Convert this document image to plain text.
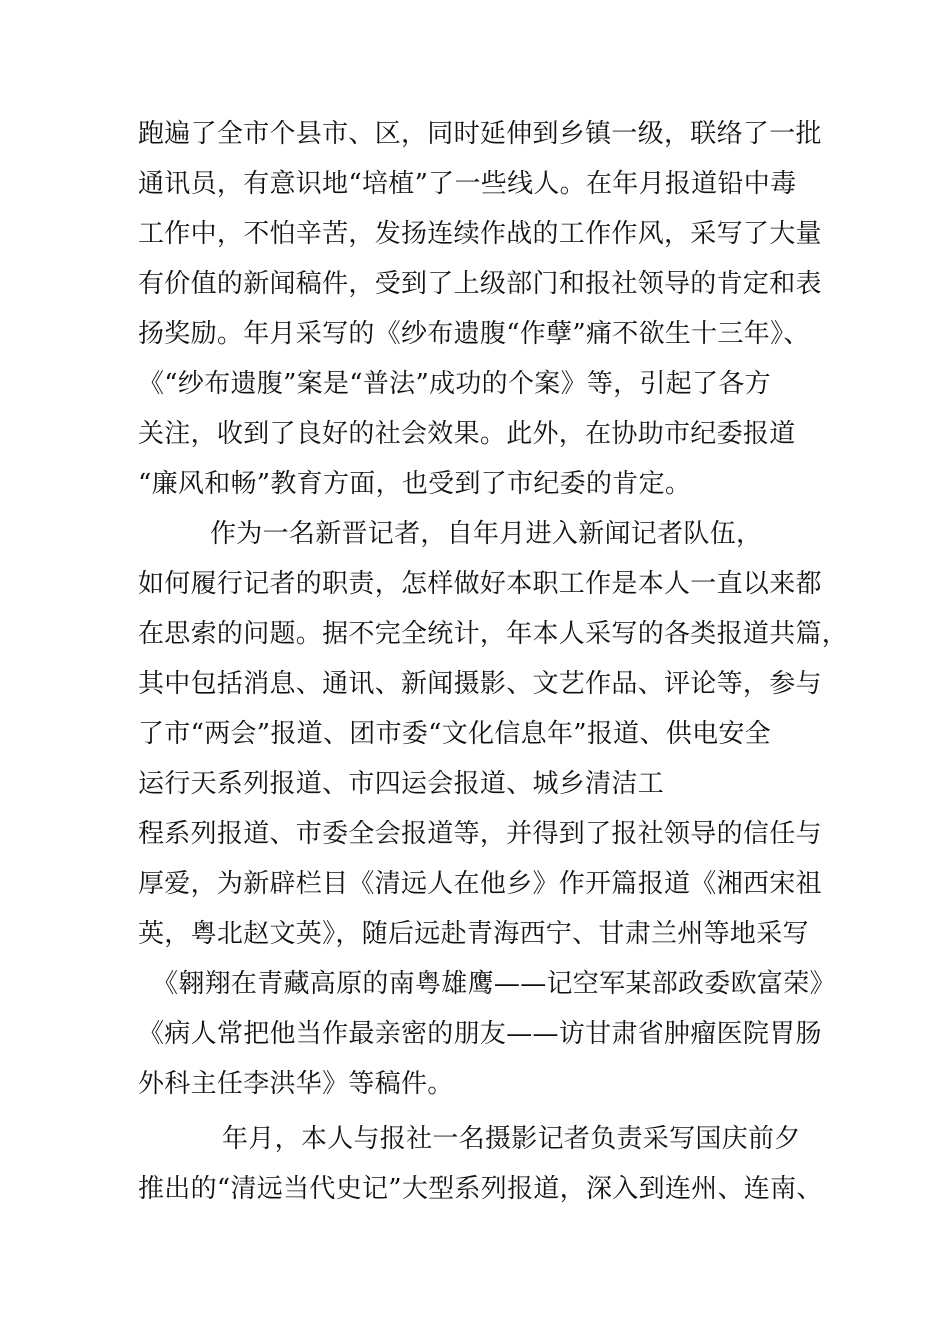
跑遍了全市个县市、区，同时延伸到乡镇一级，联络了一批
通讯员，有意识地“培植”了一些线人。在年月报道铅中毒
工作中，不怕辛苦，发扬连续作战的工作作风，采写了大量
有价值的新闻稿件，受到了上级部门和报社领导的肯定和表
扬奖励。年月采写的《纱布遗腹“作孽”痛不欲生十三年》、
《“纱布遗腹”案是“普法”成功的个案》等，引起了各方
关注，收到了良好的社会效果。此外，在协助市纪委报道
“廉风和畅”教育方面，也受到了市纪委的肯定。
作为一名新晋记者，自年月进入新闻记者队伍，
如何履行记者的职责，怎样做好本职工作是本人一直以来都
在思索的问题。据不完全统计，年本人采写的各类报道共篇，
其中包括消息、通讯、新闻摄影、文艺作品、评论等，参与
了市“两会”报道、团市委“文化信息年”报道、供电安全
运行天系列报道、市四运会报道、城乡清洁工
程系列报道、市委全会报道等，并得到了报社领导的信任与
厚爱，为新辟栏目《清远人在他乡》作开篇报道《湘西宋祖
英，粤北赵文英》，随后远赴青海西宁、甘肃兰州等地采写
《翱翔在青藏高原的南粤雄鹰——记空军某部政委欧富荣》
《病人常把他当作最亲密的朋友——访甘肃省肿瘤医院胃肠
外科主任李洪华》等稿件。
年月，本人与报社一名摄影记者负责采写国庆前夕
推出的“清远当代史记”大型系列报道，深入到连州、连南、
